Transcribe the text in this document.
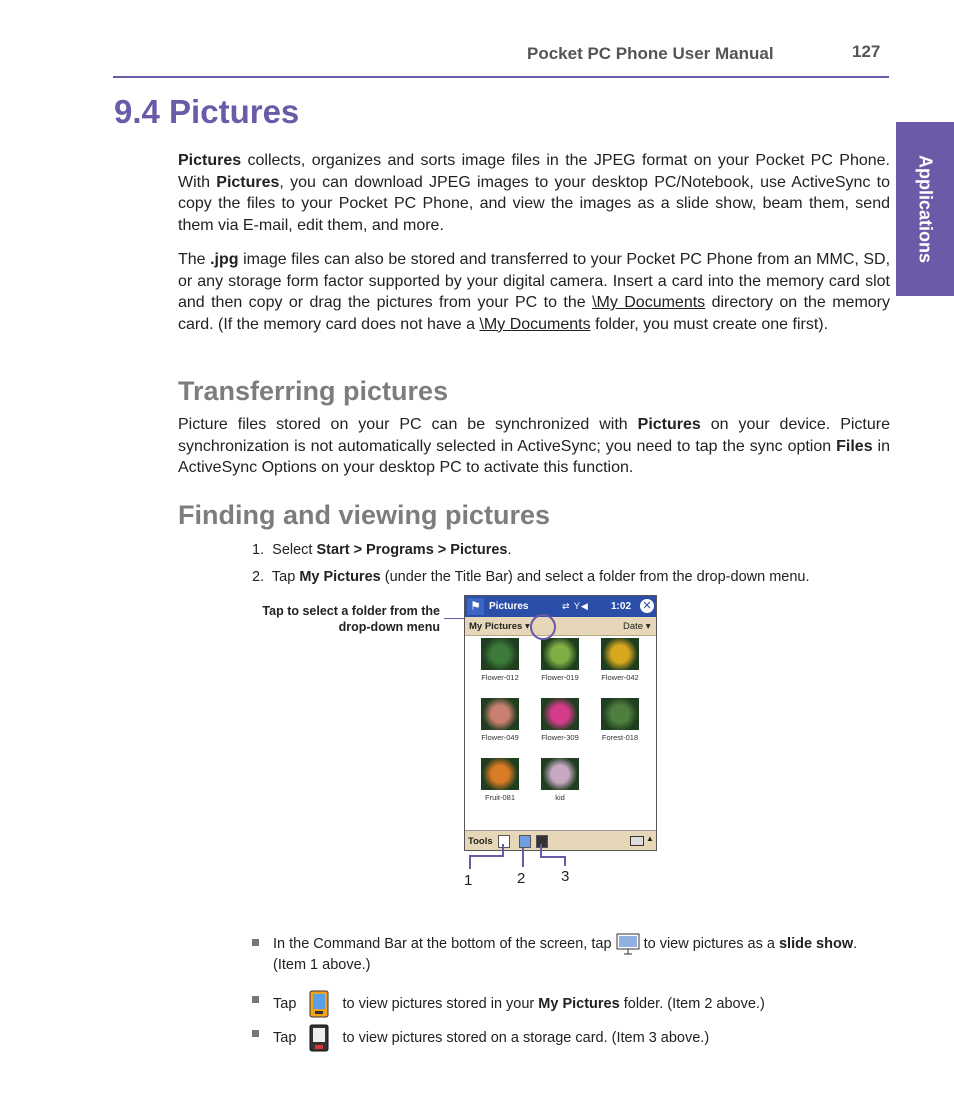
Pocket PC Phone User Manual	127
Applications
9.4 Pictures

Pictures collects, organizes and sorts image files in the JPEG format on your Pocket PC Phone. With Pictures, you can download JPEG images to your desktop PC/Notebook, use ActiveSync to copy the files to your Pocket PC Phone, and view the images as a slide show, beam them, send them via E-mail, edit them, and more.

The .jpg image files can also be stored and transferred to your Pocket PC Phone from an MMC, SD, or any storage form factor supported by your digital camera. Insert a card into the memory card slot and then copy or drag the pictures from your PC to the \My Documents directory on the memory card. (If the memory card does not have a \My Documents folder, you must create one first).

Transferring pictures

Picture files stored on your PC can be synchronized with Pictures on your device. Picture synchronization is not automatically selected in ActiveSync; you need to tap the sync option Files in ActiveSync Options on your desktop PC to activate this function.

Finding and viewing pictures
1. Select Start > Programs > Pictures.
2. Tap My Pictures (under the Title Bar) and select a folder from the drop-down menu.
Tap to select a folder from the
drop-down menu
⚑ Pictures	⇄ Y◀ 1:02 ✕
My Pictures ▾	Date ▾
Flower-012	Flower-019	Flower-042
Flower-049	Flower-309	Forest-018
Fruit-081	kid
Tools	▲
1	2 3
In the Command Bar at the bottom of the screen, tap  to view pictures as a slide show. (Item 1 above.)
Tap	to view pictures stored in your My Pictures folder. (Item 2 above.)
Tap	to view pictures stored on a storage card. (Item 3 above.)
